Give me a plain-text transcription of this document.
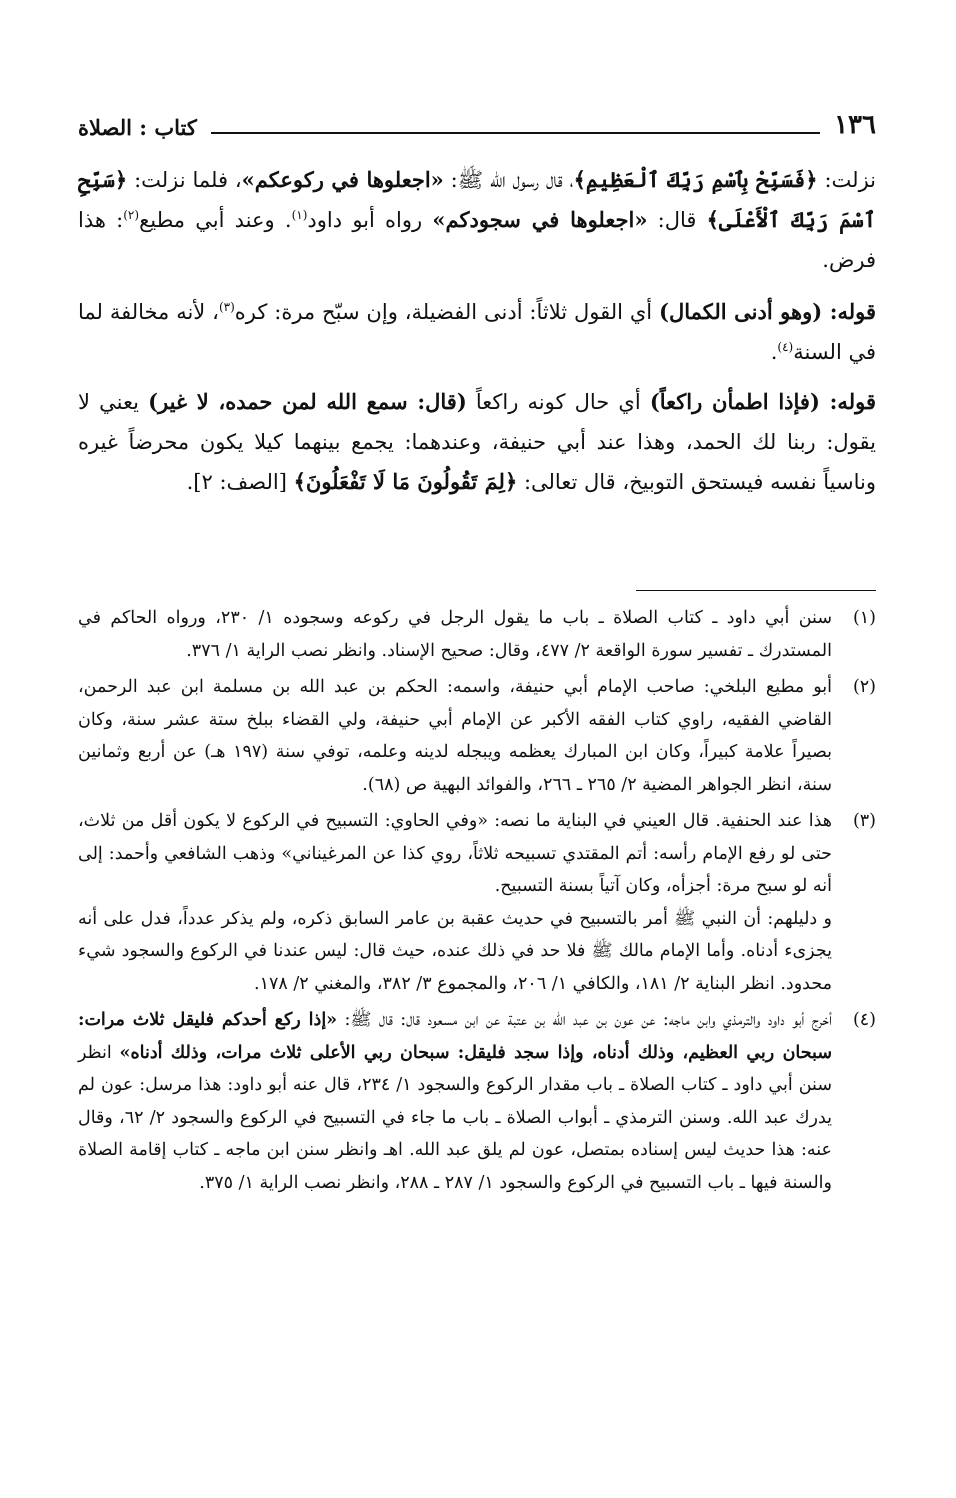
١٣٦
كتاب : الصلاة

نزلت: ﴿فَسَبِّحْ بِٱسْمِ رَبِّكَ ٱلْعَظِيمِ﴾، قال رسول الله ﷺ: «اجعلوها في ركوعكم»، فلما نزلت: ﴿سَبِّحِ ٱسْمَ رَبِّكَ ٱلْأَعْلَى﴾ قال: «اجعلوها في سجودكم» رواه أبو داود$^{(١)}$. وعند أبي مطيع$^{(٢)}$: هذا فرض.

قوله: (وهو أدنى الكمال) أي القول ثلاثاً: أدنى الفضيلة، وإن سبّح مرة: كره$^{(٣)}$، لأنه مخالفة لما في السنة$^{(٤)}$.

قوله: (فإذا اطمأن راكعاً) أي حال كونه راكعاً (قال: سمع الله لمن حمده، لا غير) يعني لا يقول: ربنا لك الحمد، وهذا عند أبي حنيفة، وعندهما: يجمع بينهما كيلا يكون محرضاً غيره وناسياً نفسه فيستحق التوبيخ، قال تعالى: ﴿لِمَ تَقُولُونَ مَا لَا تَفْعَلُونَ﴾ [الصف: ٢].

(١)

سنن أبي داود ـ كتاب الصلاة ـ باب ما يقول الرجل في ركوعه وسجوده ١/ ٢٣٠، ورواه الحاكم في المستدرك ـ تفسير سورة الواقعة ٢/ ٤٧٧، وقال: صحيح الإسناد. وانظر نصب الراية ١/ ٣٧٦.

(٢)

أبو مطيع البلخي: صاحب الإمام أبي حنيفة، واسمه: الحكم بن عبد الله بن مسلمة ابن عبد الرحمن، القاضي الفقيه، راوي كتاب الفقه الأكبر عن الإمام أبي حنيفة، ولي القضاء ببلخ ستة عشر سنة، وكان بصيراً علامة كبيراً، وكان ابن المبارك يعظمه ويبجله لدينه وعلمه، توفي سنة (١٩٧ هـ) عن أربع وثمانين سنة، انظر الجواهر المضية ٢/ ٢٦٥ ـ ٢٦٦، والفوائد البهية ص (٦٨).

(٣)

هذا عند الحنفية. قال العيني في البناية ما نصه: «وفي الحاوي: التسبيح في الركوع لا يكون أقل من ثلاث، حتى لو رفع الإمام رأسه: أتم المقتدي تسبيحه ثلاثاً، روي كذا عن المرغيناني» وذهب الشافعي وأحمد: إلى أنه لو سبح مرة: أجزأه، وكان آتياً بسنة التسبيح.

و دليلهم: أن النبي ﷺ أمر بالتسبيح في حديث عقبة بن عامر السابق ذكره، ولم يذكر عدداً، فدل على أنه يجزىء أدناه. وأما الإمام مالك ﷺ فلا حد في ذلك عنده، حيث قال: ليس عندنا في الركوع والسجود شيء محدود. انظر البناية ٢/ ١٨١، والكافي ١/ ٢٠٦، والمجموع ٣/ ٣٨٢، والمغني ٢/ ١٧٨.

(٤)

أخرج أبو داود والترمذي وابن ماجه: عن عون بن عبد الله بن عتبة عن ابن مسعود قال: قال ﷺ: «إذا ركع أحدكم فليقل ثلاث مرات: سبحان ربي العظيم، وذلك أدناه، وإذا سجد فليقل: سبحان ربي الأعلى ثلاث مرات، وذلك أدناه» انظر سنن أبي داود ـ كتاب الصلاة ـ باب مقدار الركوع والسجود ١/ ٢٣٤، قال عنه أبو داود: هذا مرسل: عون لم يدرك عبد الله. وسنن الترمذي ـ أبواب الصلاة ـ باب ما جاء في التسبيح في الركوع والسجود ٢/ ٦٢، وقال عنه: هذا حديث ليس إسناده بمتصل، عون لم يلق عبد الله. اهـ وانظر سنن ابن ماجه ـ كتاب إقامة الصلاة والسنة فيها ـ باب التسبيح في الركوع والسجود ١/ ٢٨٧ ـ ٢٨٨، وانظر نصب الراية ١/ ٣٧٥.
